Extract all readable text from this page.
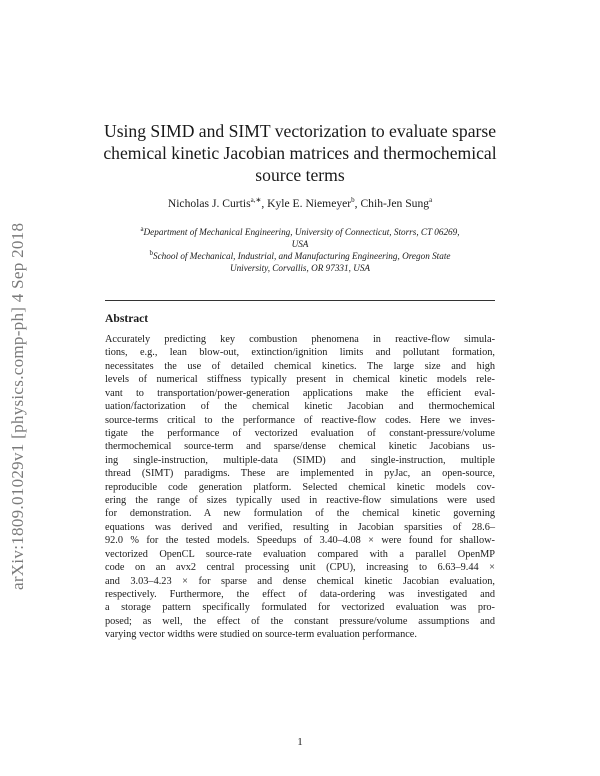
arXiv:1809.01029v1 [physics.comp-ph] 4 Sep 2018
Using SIMD and SIMT vectorization to evaluate sparse
chemical kinetic Jacobian matrices and thermochemical
source terms
Nicholas J. Curtis$^{a,∗}$, Kyle E. Niemeyer$^b$, Chih-Jen Sung$^a$
$^a$Department of Mechanical Engineering, University of Connecticut, Storrs, CT 06269,
USA
$^b$School of Mechanical, Industrial, and Manufacturing Engineering, Oregon State
University, Corvallis, OR 97331, USA
Abstract
Accurately predicting key combustion phenomena in reactive-flow simula-
tions, e.g., lean blow-out, extinction/ignition limits and pollutant formation,
necessitates the use of detailed chemical kinetics. The large size and high
levels of numerical stiffness typically present in chemical kinetic models rele-
vant to transportation/power-generation applications make the efficient eval-
uation/factorization of the chemical kinetic Jacobian and thermochemical
source-terms critical to the performance of reactive-flow codes. Here we inves-
tigate the performance of vectorized evaluation of constant-pressure/volume
thermochemical source-term and sparse/dense chemical kinetic Jacobians us-
ing single-instruction, multiple-data (SIMD) and single-instruction, multiple
thread (SIMT) paradigms. These are implemented in pyJac, an open-source,
reproducible code generation platform. Selected chemical kinetic models cov-
ering the range of sizes typically used in reactive-flow simulations were used
for demonstration. A new formulation of the chemical kinetic governing
equations was derived and verified, resulting in Jacobian sparsities of 28.6–
92.0 % for the tested models. Speedups of 3.40–4.08 × were found for shallow-
vectorized OpenCL source-rate evaluation compared with a parallel OpenMP
code on an avx2 central processing unit (CPU), increasing to 6.63–9.44 ×
and 3.03–4.23 × for sparse and dense chemical kinetic Jacobian evaluation,
respectively. Furthermore, the effect of data-ordering was investigated and
a storage pattern specifically formulated for vectorized evaluation was pro-
posed; as well, the effect of the constant pressure/volume assumptions and
varying vector widths were studied on source-term evaluation performance.
1
